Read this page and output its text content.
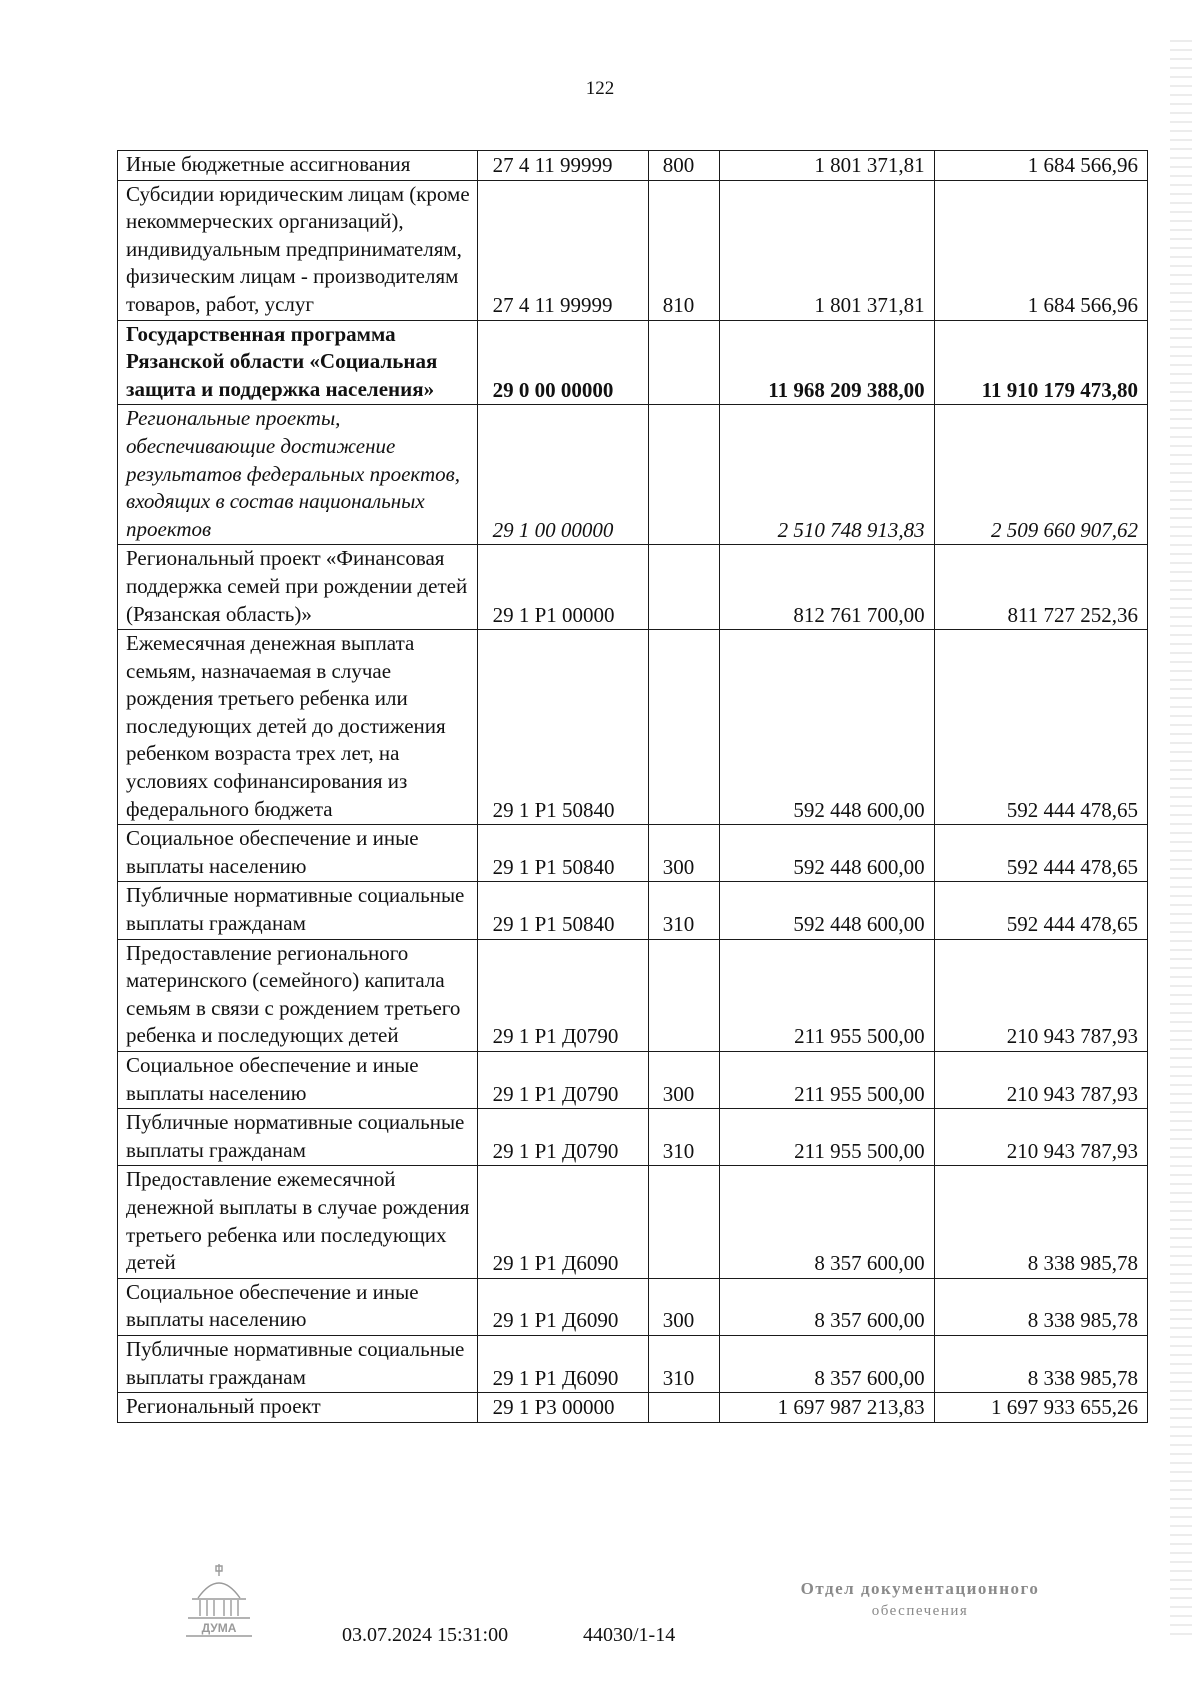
122
Иные бюджетные ассигнования	27 4 11 99999	800	1 801 371,81	1 684 566,96
Субсидии юридическим лицам (кроме некоммерческих организаций), индивидуальным предпринимателям, физическим лицам - производителям товаров, работ, услуг	27 4 11 99999	810	1 801 371,81	1 684 566,96
Государственная программа Рязанской области «Социальная защита и поддержка населения»	29 0 00 00000		11 968 209 388,00	11 910 179 473,80
Региональные проекты, обеспечивающие достижение результатов федеральных проектов, входящих в состав национальных проектов	29 1 00 00000		2 510 748 913,83	2 509 660 907,62
Региональный проект «Финансовая поддержка семей при рождении детей (Рязанская область)»	29 1 Р1 00000		812 761 700,00	811 727 252,36
Ежемесячная денежная выплата семьям, назначаемая в случае рождения третьего ребенка или последующих детей до достижения ребенком возраста трех лет, на условиях софинансирования из федерального бюджета	29 1 Р1 50840		592 448 600,00	592 444 478,65
Социальное обеспечение и иные выплаты населению	29 1 Р1 50840	300	592 448 600,00	592 444 478,65
Публичные нормативные социальные выплаты гражданам	29 1 Р1 50840	310	592 448 600,00	592 444 478,65
Предоставление регионального материнского (семейного) капитала семьям в связи с рождением третьего ребенка и последующих детей	29 1 Р1 Д0790		211 955 500,00	210 943 787,93
Социальное обеспечение и иные выплаты населению	29 1 Р1 Д0790	300	211 955 500,00	210 943 787,93
Публичные нормативные социальные выплаты гражданам	29 1 Р1 Д0790	310	211 955 500,00	210 943 787,93
Предоставление ежемесячной денежной выплаты в случае рождения третьего ребенка или последующих детей	29 1 Р1 Д6090		8 357 600,00	8 338 985,78
Социальное обеспечение и иные выплаты населению	29 1 Р1 Д6090	300	8 357 600,00	8 338 985,78
Публичные нормативные социальные выплаты гражданам	29 1 Р1 Д6090	310	8 357 600,00	8 338 985,78
Региональный проект	29 1 Р3 00000		1 697 987 213,83	1 697 933 655,26
ДУМА	03.07.2024 15:31:00	44030/1-14
Отдел документационного
обеспечения
